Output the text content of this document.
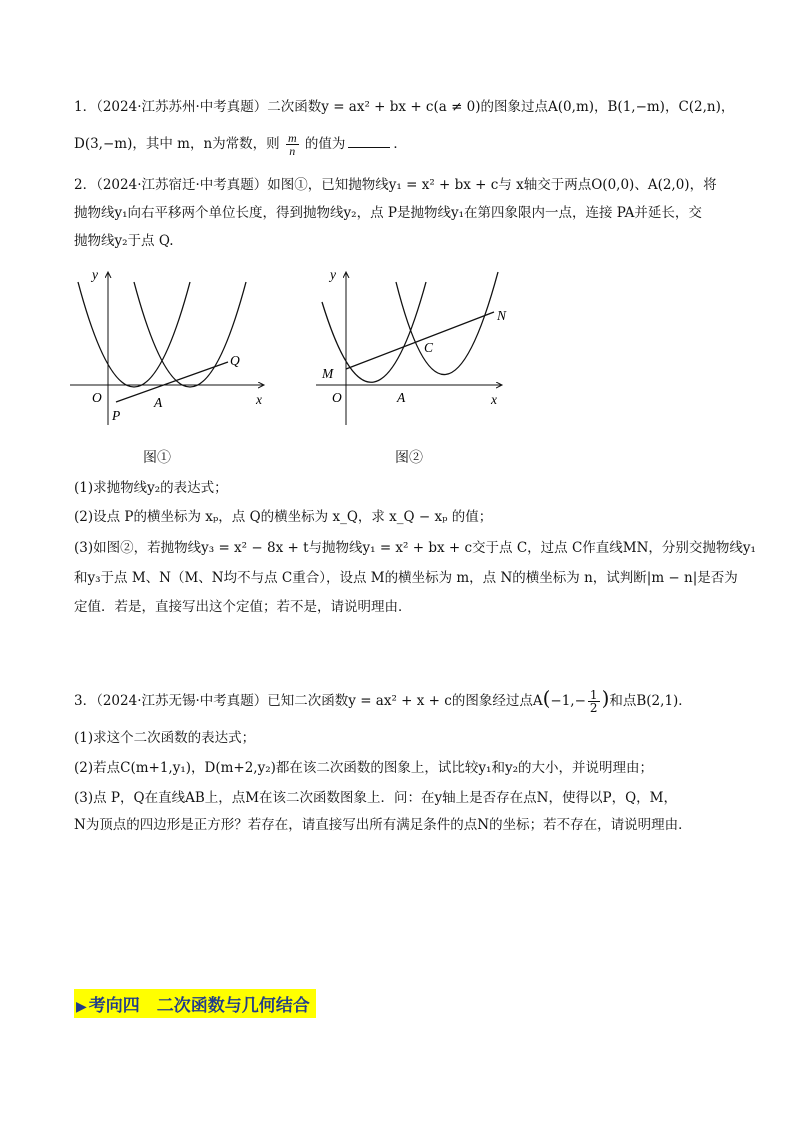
1．（2024·江苏苏州·中考真题）二次函数y = ax² + bx + c(a ≠ 0)的图象过点A(0,m)，B(1,−m)，C(2,n)，
D(3,−m)，其中 m，n为常数，则 $\frac{m}{n}$ 的值为	．
2．（2024·江苏宿迁·中考真题）如图①，已知抛物线y₁ = x² + bx + c与 x轴交于两点O(0,0)、A(2,0)，将
抛物线y₁向右平移两个单位长度，得到抛物线y₂，点 P是抛物线y₁在第四象限内一点，连接 PA并延长，交
抛物线y₂于点 Q.
y
x
O
P
A
Q
图①
y
x
O	A
M
C
N
图②
(1)求抛物线y₂的表达式；
(2)设点 P的横坐标为 xₚ，点 Q的横坐标为 x_Q，求 x_Q − xₚ 的值；
(3)如图②，若抛物线y₃ = x² − 8x + t与抛物线y₁ = x² + bx + c交于点 C，过点 C作直线MN，分别交抛物线y₁
和y₃于点 M、N（M、N均不与点 C重合），设点 M的横坐标为 m，点 N的横坐标为 n，试判断|m − n|是否为
定值．若是，直接写出这个定值；若不是，请说明理由．
3．（2024·江苏无锡·中考真题）已知二次函数y = ax² + x + c的图象经过点$A(-1,- \frac{1}{2}$ )和点B(2,1)．
(1)求这个二次函数的表达式；
(2)若点C(m+1,y₁)，D(m+2,y₂)都在该二次函数的图象上，试比较y₁和y₂的大小，并说明理由；
(3)点 P，Q在直线AB上，点M在该二次函数图象上．问：在y轴上是否存在点N，使得以P，Q，M，
N为顶点的四边形是正方形？若存在，请直接写出所有满足条件的点N的坐标；若不存在，请说明理由．
▶ 考向四　二次函数与几何结合
